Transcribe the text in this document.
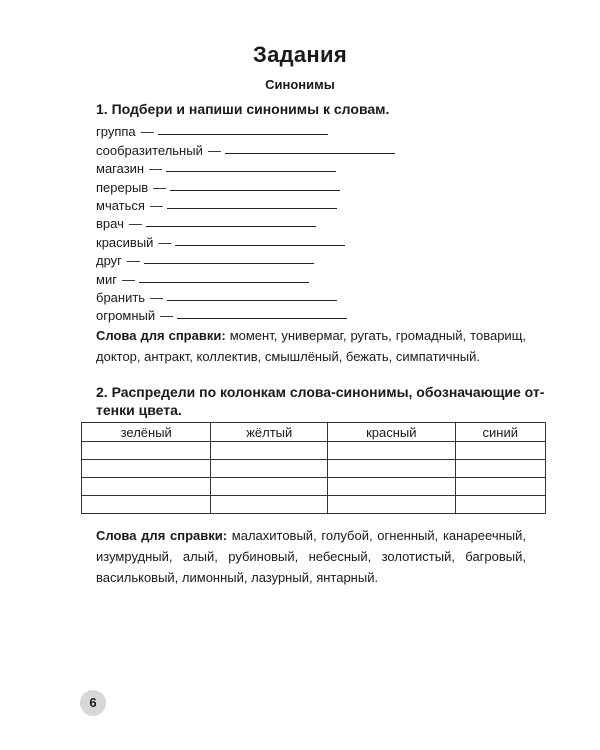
Задания
Синонимы
1. Подбери и напиши синонимы к словам.
группа —
сообразительный —
магазин —
перерыв —
мчаться —
врач —
красивый —
друг —
миг —
бранить —
огромный —
Слова для справки: момент, универмаг, ругать, громадный, товарищ, доктор, антракт, коллектив, смышлёный, бежать, симпатичный.
2. Распредели по колонкам слова-синонимы, обозначающие от-
тенки цвета.
зелёный	жёлтый	красный	синий

Слова для справки: малахитовый, голубой, огненный, канареечный, изумрудный, алый, рубиновый, небесный, золотистый, багровый, васильковый, лимонный, лазурный, янтарный.
6
